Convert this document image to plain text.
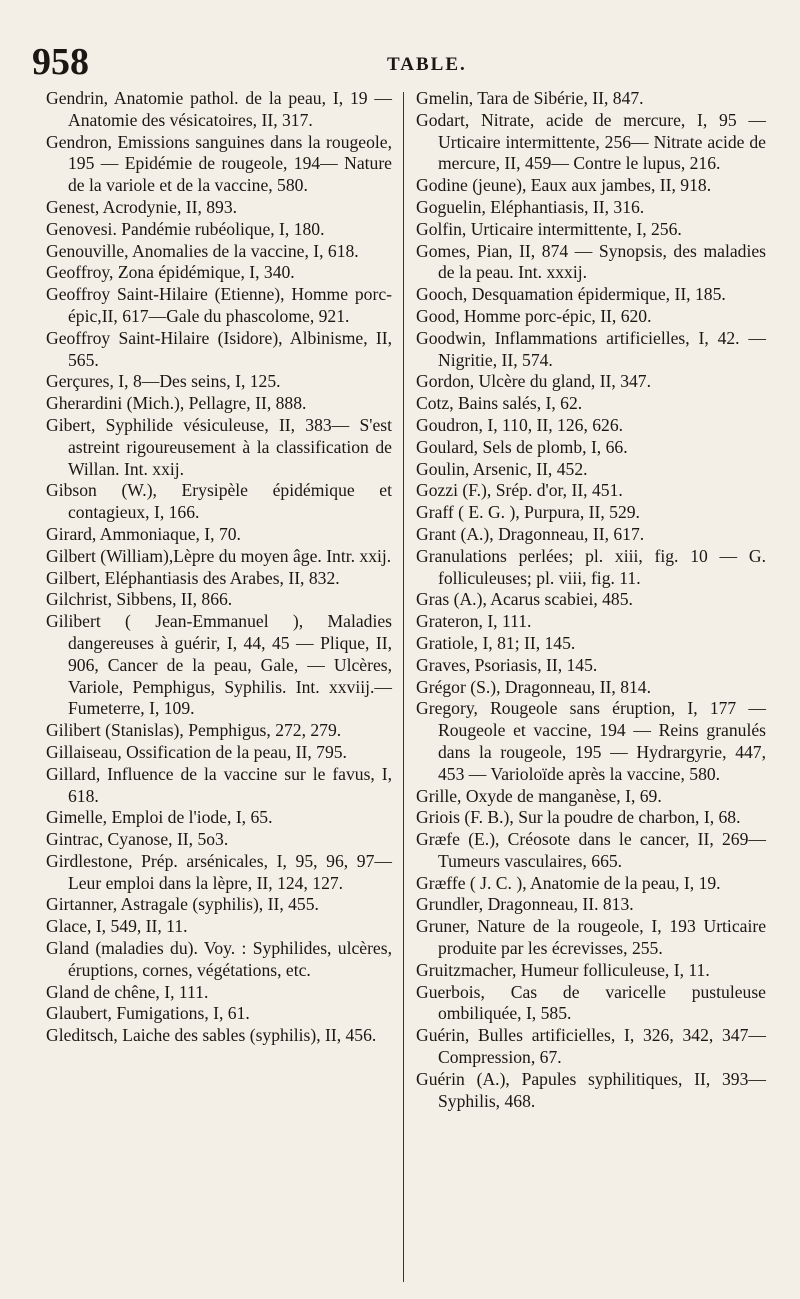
958	TABLE.
Gendrin, Anatomie pathol. de la peau, I, 19 — Anatomie des vésicatoires, II, 317.
Gendron, Emissions sanguines dans la rougeole, 195 — Epidémie de rougeole, 194— Nature de la variole et de la vaccine, 580.
Genest, Acrodynie, II, 893.
Genovesi. Pandémie rubéolique, I, 180.
Genouville, Anomalies de la vaccine, I, 618.
Geoffroy, Zona épidémique, I, 340.
Geoffroy Saint-Hilaire (Etienne), Homme porc-épic,II, 617—Gale du phascolome, 921.
Geoffroy Saint-Hilaire (Isidore), Albinisme, II, 565.
Gerçures, I, 8—Des seins, I, 125.
Gherardini (Mich.), Pellagre, II, 888.
Gibert, Syphilide vésiculeuse, II, 383— S'est astreint rigoureusement à la classification de Willan. Int. xxij.
Gibson (W.), Erysipèle épidémique et contagieux, I, 166.
Girard, Ammoniaque, I, 70.
Gilbert (William),Lèpre du moyen âge. Intr. xxij.
Gilbert, Eléphantiasis des Arabes, II, 832.
Gilchrist, Sibbens, II, 866.
Gilibert ( Jean-Emmanuel ), Maladies dangereuses à guérir, I, 44, 45 — Plique, II, 906, Cancer de la peau, Gale, — Ulcères, Variole, Pemphigus, Syphilis. Int. xxviij.— Fumeterre, I, 109.
Gilibert (Stanislas), Pemphigus, 272, 279.
Gillaiseau, Ossification de la peau, II, 795.
Gillard, Influence de la vaccine sur le favus, I, 618.
Gimelle, Emploi de l'iode, I, 65.
Gintrac, Cyanose, II, 5o3.
Girdlestone, Prép. arsénicales, I, 95, 96, 97—Leur emploi dans la lèpre, II, 124, 127.
Girtanner, Astragale (syphilis), II, 455.
Glace, I, 549, II, 11.
Gland (maladies du). Voy. : Syphilides, ulcères, éruptions, cornes, végétations, etc.
Gland de chêne, I, 111.
Glaubert, Fumigations, I, 61.
Gleditsch, Laiche des sables (syphilis), II, 456.
Gmelin, Tara de Sibérie, II, 847.
Godart, Nitrate, acide de mercure, I, 95 — Urticaire intermittente, 256— Nitrate acide de mercure, II, 459— Contre le lupus, 216.
Godine (jeune), Eaux aux jambes, II, 918.
Goguelin, Eléphantiasis, II, 316.
Golfin, Urticaire intermittente, I, 256.
Gomes, Pian, II, 874 — Synopsis, des maladies de la peau. Int. xxxij.
Gooch, Desquamation épidermique, II, 185.
Good, Homme porc-épic, II, 620.
Goodwin, Inflammations artificielles, I, 42. —Nigritie, II, 574.
Gordon, Ulcère du gland, II, 347.
Cotz, Bains salés, I, 62.
Goudron, I, 110, II, 126, 626.
Goulard, Sels de plomb, I, 66.
Goulin, Arsenic, II, 452.
Gozzi (F.), Srép. d'or, II, 451.
Graff ( E. G. ), Purpura, II, 529.
Grant (A.), Dragonneau, II, 617.
Granulations perlées; pl. xiii, fig. 10 — G. folliculeuses; pl. viii, fig. 11.
Gras (A.), Acarus scabiei, 485.
Grateron, I, 111.
Gratiole, I, 81; II, 145.
Graves, Psoriasis, II, 145.
Grégor (S.), Dragonneau, II, 814.
Gregory, Rougeole sans éruption, I, 177 — Rougeole et vaccine, 194 — Reins granulés dans la rougeole, 195 — Hydrargyrie, 447, 453 — Varioloïde après la vaccine, 580.
Grille, Oxyde de manganèse, I, 69.
Griois (F. B.), Sur la poudre de charbon, I, 68.
Græfe (E.), Créosote dans le cancer, II, 269—Tumeurs vasculaires, 665.
Græffe ( J. C. ), Anatomie de la peau, I, 19.
Grundler, Dragonneau, II. 813.
Gruner, Nature de la rougeole, I, 193 Urticaire produite par les écrevisses, 255.
Gruitzmacher, Humeur folliculeuse, I, 11.
Guerbois, Cas de varicelle pustuleuse ombiliquée, I, 585.
Guérin, Bulles artificielles, I, 326, 342, 347—Compression, 67.
Guérin (A.), Papules syphilitiques, II, 393—Syphilis, 468.
